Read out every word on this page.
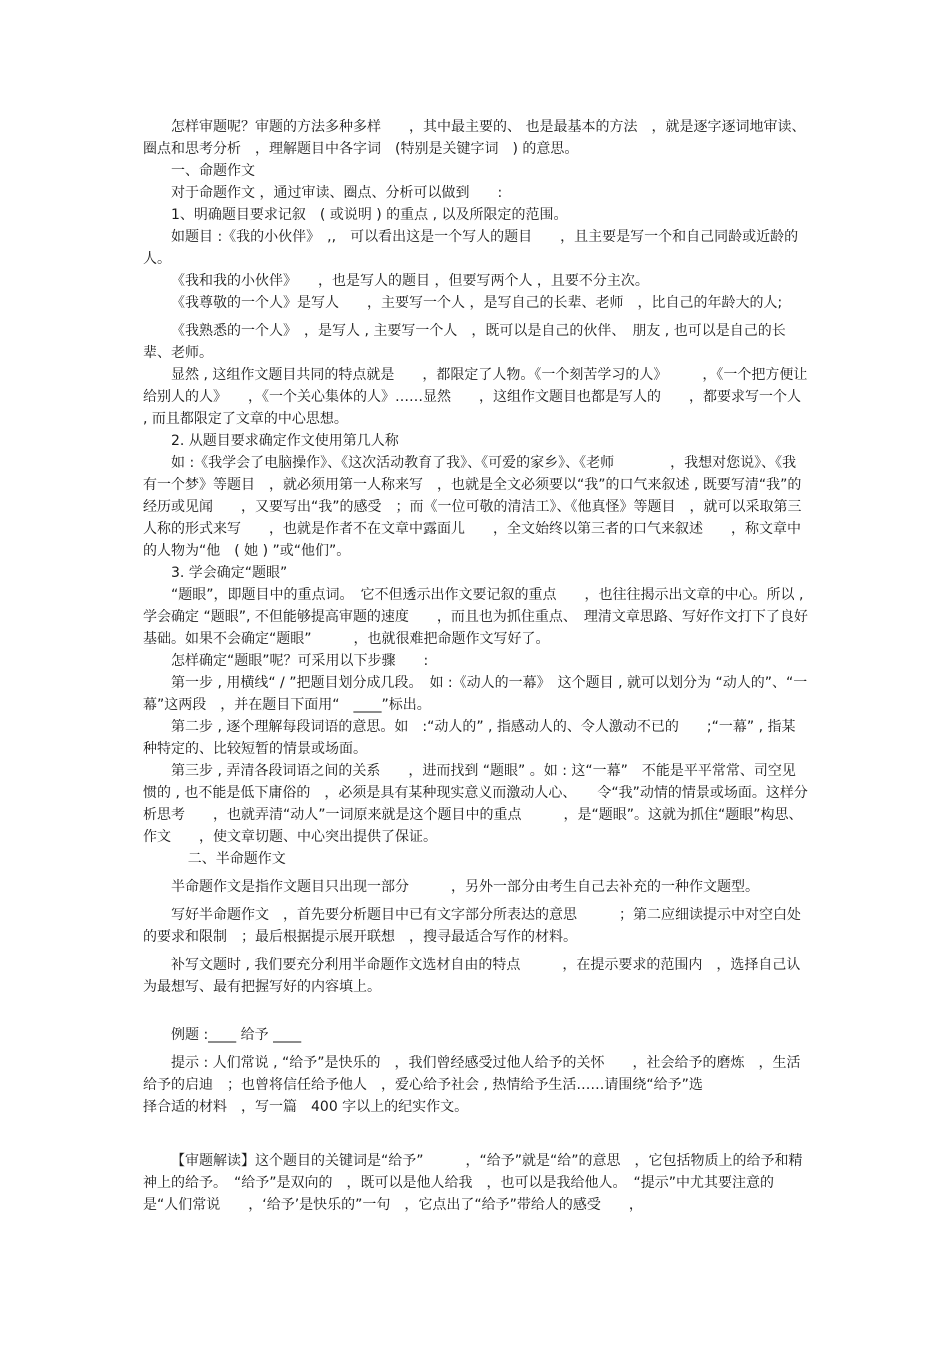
怎样审题呢？审题的方法多种多样　　，其中最主要的、 也是最基本的方法　，就是逐字逐词地审读、圈点和思考分析　，理解题目中各字词　(特别是关键字词　) 的意思。

一、命题作文

对于命题作文 ，通过审读、圈点、分析可以做到　　:

1、明确题目要求记叙　( 或说明 ) 的重点 , 以及所限定的范围。

如题目 :《我的小伙伴》　,,　可以看出这是一个写人的题目　　，且主要是写一个和自己同龄或近龄的人。

《我和我的小伙伴》　　，也是写人的题目 ，但要写两个人 ，且要不分主次。

《我尊敬的一个人》是写人　　，主要写一个人 ，是写自己的长辈、老师　，比自己的年龄大的人;

《我熟悉的一个人》　，是写人 , 主要写一个人　，既可以是自己的伙伴、　朋友 , 也可以是自己的长辈、老师。

显然 , 这组作文题目共同的特点就是　　，都限定了人物。《一个刻苦学习的人》　　　，《一个把方便让给别人的人》　　，《一个关心集体的人》……显然　　，这组作文题目也都是写人的　　，都要求写一个人 , 而且都限定了文章的中心思想。

2. 从题目要求确定作文使用第几人称

如 :《我学会了电脑操作》、《这次活动教育了我》、《可爱的家乡》、《老师　　　　，我想对您说》、《我有一个梦》等题目　，就必须用第一人称来写　，也就是全文必须要以“我”的口气来叙述 , 既要写清“我”的经历或见闻　　，又要写出“我”的感受　；而《一位可敬的清洁工》、《他真怪》等题目　，就可以采取第三人称的形式来写　　，也就是作者不在文章中露面儿　　，全文始终以第三者的口气来叙述　　，称文章中的人物为“他　( 她 ) ”或“他们”。

3. 学会确定“题眼”

“题眼”，即题目中的重点词。　它不但透示出作文要记叙的重点　　，也往往揭示出文章的中心。所以 , 学会确定 “题眼”, 不但能够提高审题的速度　　，而且也为抓住重点、　理清文章思路、写好作文打下了良好基础。如果不会确定“题眼”　　　，也就很难把命题作文写好了。

怎样确定“题眼”呢？可采用以下步骤　　:

第一步 , 用横线“ / ”把题目划分成几段。　如 :《动人的一幕》　这个题目 , 就可以划分为 “动人的”、“一幕”这两段　，并在题目下面用“　____”标出。

第二步 , 逐个理解每段词语的意思。如　:“动人的” , 指感动人的、令人激动不已的　　;“一幕” , 指某种特定的、比较短暂的情景或场面。

第三步 , 弄清各段词语之间的关系　　，进而找到 “题眼” 。如 : 这“一幕”　不能是平平常常、司空见惯的 , 也不能是低下庸俗的　，必须是具有某种现实意义而激动人心、　　令“我”动情的情景或场面。这样分析思考　　，也就弄清“动人”一词原来就是这个题目中的重点　　　，是“题眼”。这就为抓住“题眼”构思、作文　　，使文章切题、中心突出提供了保证。

二、半命题作文

半命题作文是指作文题目只出现一部分　　　，另外一部分由考生自己去补充的一种作文题型。

写好半命题作文　，首先要分析题目中已有文字部分所表达的意思　　　；第二应细读提示中对空白处的要求和限制　；最后根据提示展开联想　，搜寻最适合写作的材料。

补写文题时 , 我们要充分利用半命题作文选材自由的特点　　　，在提示要求的范围内　，选择自己认为最想写、最有把握写好的内容填上。

例题 :____ 给予 ____

提示 : 人们常说 , “给予”是快乐的　，我们曾经感受过他人给予的关怀　　，社会给予的磨炼　，生活给予的启迪　；也曾将信任给予他人　，爱心给予社会 , 热情给予生活……请围绕“给予”选

择合适的材料　，写一篇　400 字以上的纪实作文。

【审题解读】这个题目的关键词是“给予”　　　，“给予”就是“给”的意思　，它包括物质上的给予和精神上的给予。　“给予”是双向的　，既可以是他人给我　，也可以是我给他人。　“提示”中尤其要注意的是“人们常说　　，‘给予’是快乐的”一句　，它点出了“给予”带给人的感受　　，
